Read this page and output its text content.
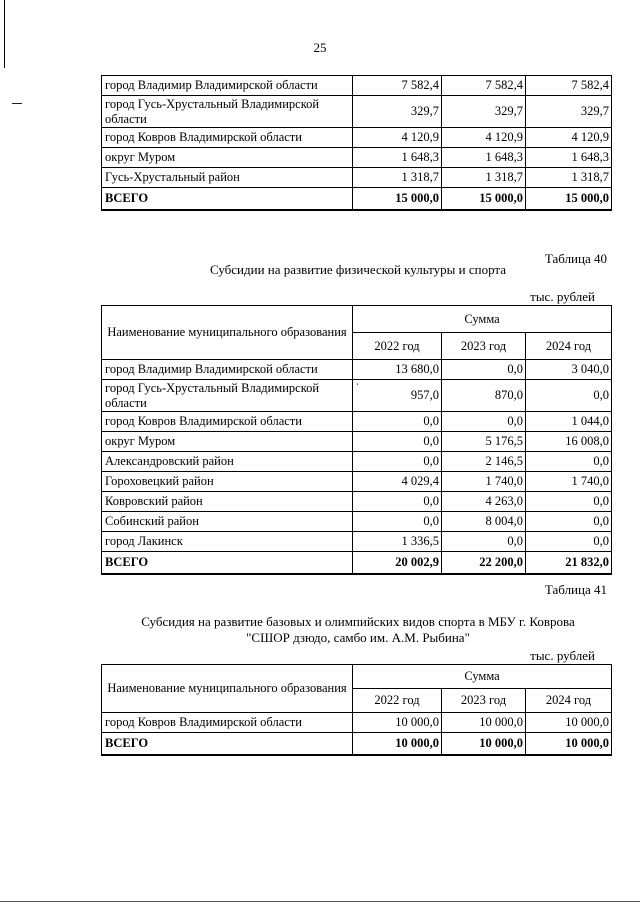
25
город Владимир Владимирской области	7 582,4	7 582,4	7 582,4
город Гусь-Хрустальный Владимирской области	329,7	329,7	329,7
город Ковров Владимирской области	4 120,9	4 120,9	4 120,9
округ Муром	1 648,3	1 648,3	1 648,3
Гусь-Хрустальный район	1 318,7	1 318,7	1 318,7
ВСЕГО	15 000,0	15 000,0	15 000,0
Таблица 40
Субсидии на развитие физической культуры и спорта
тыс. рублей
Наименование муниципального образования	Сумма		
	2022 год	2023 год	2024 год
город Владимир Владимирской области	13 680,0	0,0	3 040,0
город Гусь-Хрустальный Владимирской области	957,0	870,0	0,0
город Ковров Владимирской области	0,0	0,0	1 044,0
округ Муром	0,0	5 176,5	16 008,0
Александровский район	0,0	2 146,5	0,0
Гороховецкий район	4 029,4	1 740,0	1 740,0
Ковровский район	0,0	4 263,0	0,0
Собинский район	0,0	8 004,0	0,0
город Лакинск	1 336,5	0,0	0,0
ВСЕГО	20 002,9	22 200,0	21 832,0
‘
Таблица 41
Субсидия на развитие базовых и олимпийских видов спорта в МБУ г. Коврова
"СШОР дзюдо, самбо им. А.М. Рыбина"
тыс. рублей
Наименование муниципального образования	Сумма		
	2022 год	2023 год	2024 год
город Ковров Владимирской области	10 000,0	10 000,0	10 000,0
ВСЕГО	10 000,0	10 000,0	10 000,0
